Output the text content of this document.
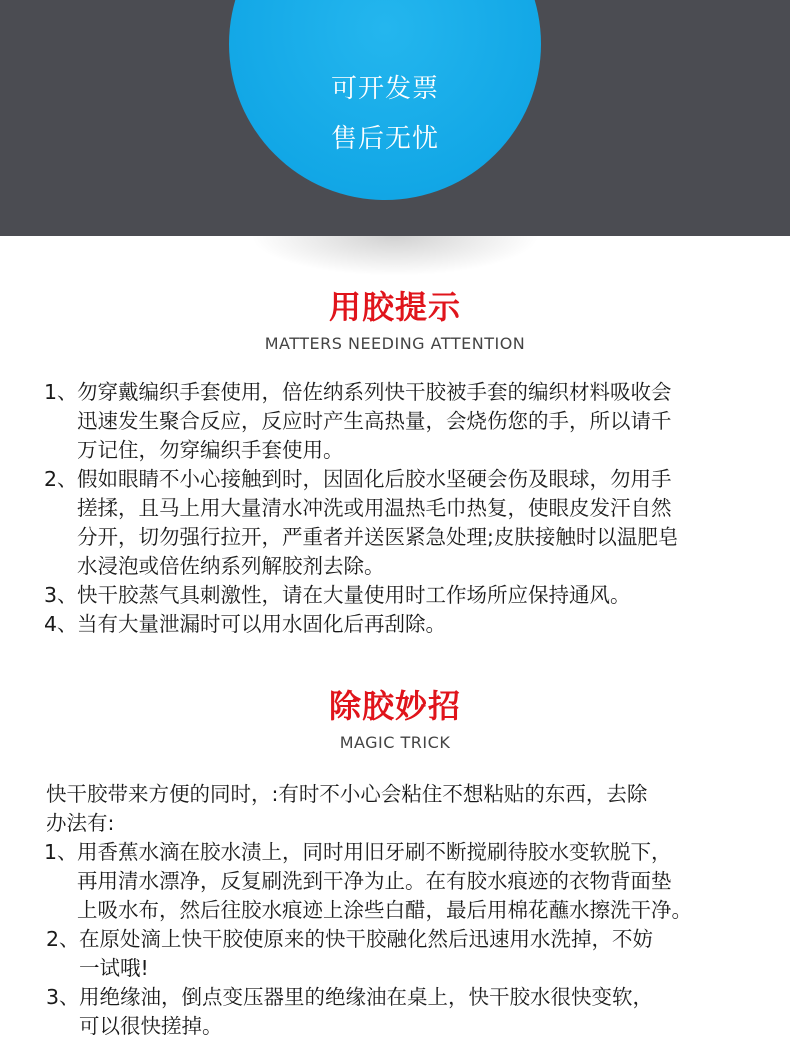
可开发票
售后无忧
用胶提示
MATTERS NEEDING ATTENTION
1、 勿穿戴编织手套使用，倍佐纳系列快干胶被手套的编织材料吸收会
迅速发生聚合反应，反应时产生高热量，会烧伤您的手，所以请千
万记住，勿穿编织手套使用。
2、 假如眼睛不小心接触到时，因固化后胶水坚硬会伤及眼球，勿用手
搓揉，且马上用大量清水冲洗或用温热毛巾热复，使眼皮发汗自然
分开，切勿强行拉开，严重者并送医紧急处理;皮肤接触时以温肥皂
水浸泡或倍佐纳系列解胶剂去除。
3、 快干胶蒸气具刺激性，请在大量使用时工作场所应保持通风。
4、 当有大量泄漏时可以用水固化后再刮除。
除胶妙招
MAGIC TRICK
快干胶带来方便的同时，:有时不小心会粘住不想粘贴的东西，去除
办法有:
1、 用香蕉水滴在胶水渍上，同时用旧牙刷不断搅刷待胶水变软脱下，
再用清水漂净，反复刷洗到干净为止。在有胶水痕迹的衣物背面垫
上吸水布，然后往胶水痕迹上涂些白醋，最后用棉花蘸水擦洗干净。
2、 在原处滴上快干胶使原来的快干胶融化然后迅速用水洗掉，不妨
一试哦!
3、 用绝缘油，倒点变压器里的绝缘油在桌上，快干胶水很快变软，
可以很快搓掉。
